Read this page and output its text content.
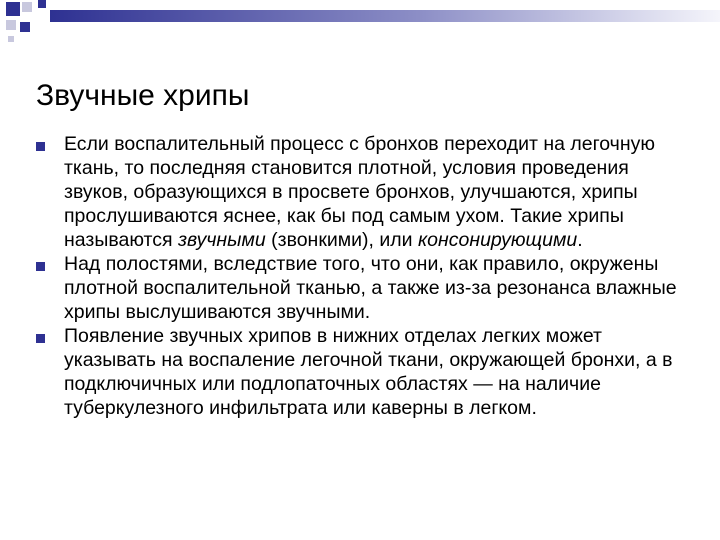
Звучные хрипы
Если воспалительный процесс с бронхов переходит на легочную ткань, то последняя становится плотной, условия проведения звуков, образующихся в просвете бронхов, улучшаются, хрипы прослушиваются яснее, как бы под самым ухом. Такие хрипы называются звучными (звонкими), или консонирующими.
Над полостями, вследствие того, что они, как правило, окружены плотной воспалительной тканью, а также из-за резонанса влажные хрипы выслушиваются звучными.
Появление звучных хрипов в нижних отделах легких может указывать на воспаление легочной ткани, окружающей бронхи, а в подключичных или подлопаточных областях — на наличие туберкулезного инфильтрата или каверны в легком.
